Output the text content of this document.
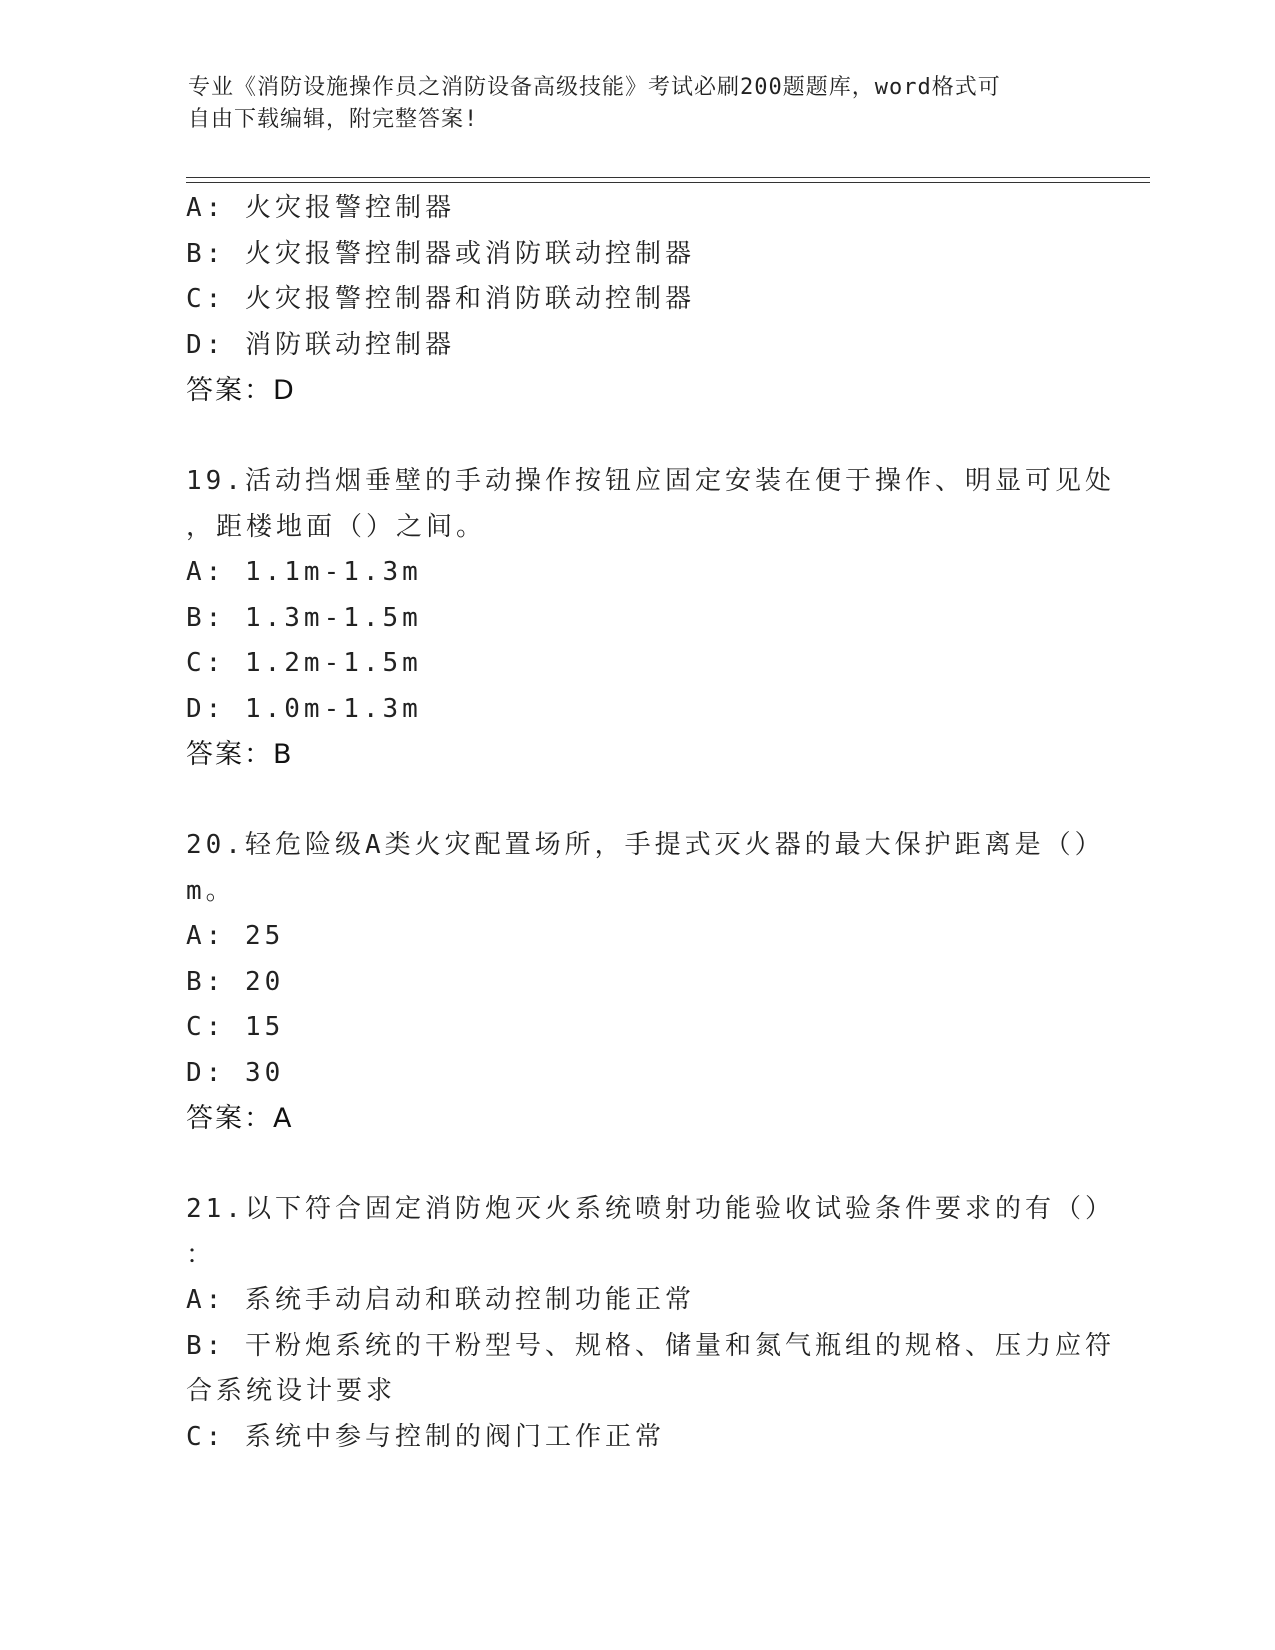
专业《消防设施操作员之消防设备高级技能》考试必刷200题题库，word格式可
自由下载编辑，附完整答案!
A: 火灾报警控制器
B: 火灾报警控制器或消防联动控制器
C: 火灾报警控制器和消防联动控制器
D: 消防联动控制器
答案：D
19.活动挡烟垂壁的手动操作按钮应固定安装在便于操作、明显可见处
，距楼地面（）之间。
A: 1.1m-1.3m
B: 1.3m-1.5m
C: 1.2m-1.5m
D: 1.0m-1.3m
答案：B
20.轻危险级A类火灾配置场所，手提式灭火器的最大保护距离是（）
m。
A: 25
B: 20
C: 15
D: 30
答案：A
21.以下符合固定消防炮灭火系统喷射功能验收试验条件要求的有（）
：
A: 系统手动启动和联动控制功能正常
B: 干粉炮系统的干粉型号、规格、储量和氮气瓶组的规格、压力应符
合系统设计要求
C: 系统中参与控制的阀门工作正常
